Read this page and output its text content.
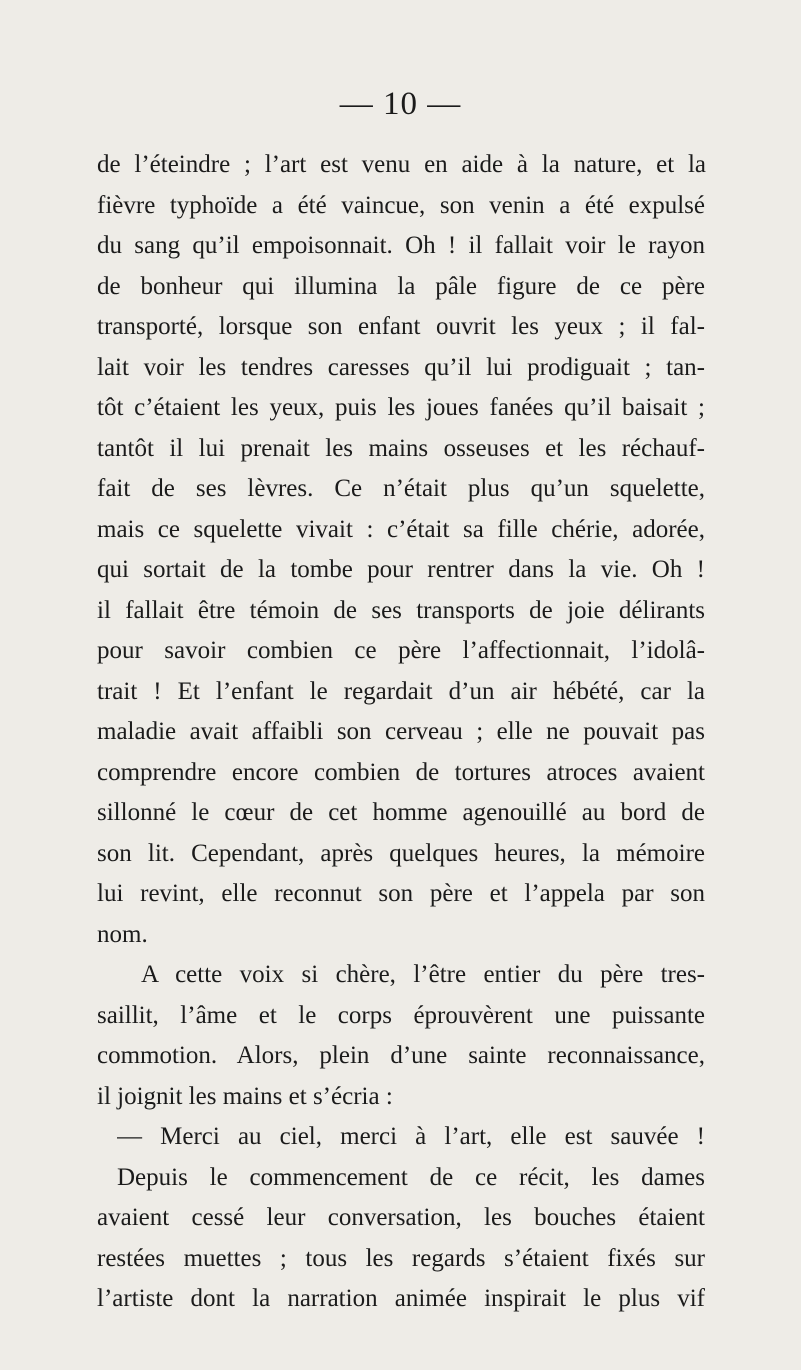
— 10 —
de l’éteindre ; l’art est venu en aide à la nature, et la
fièvre typhoïde a été vaincue, son venin a été expulsé
du sang qu’il empoisonnait. Oh ! il fallait voir le rayon
de bonheur qui illumina la pâle figure de ce père
transporté, lorsque son enfant ouvrit les yeux ; il fal-
lait voir les tendres caresses qu’il lui prodiguait ; tan-
tôt c’étaient les yeux, puis les joues fanées qu’il baisait ;
tantôt il lui prenait les mains osseuses et les réchauf-
fait de ses lèvres. Ce n’était plus qu’un squelette,
mais ce squelette vivait : c’était sa fille chérie, adorée,
qui sortait de la tombe pour rentrer dans la vie. Oh !
il fallait être témoin de ses transports de joie délirants
pour savoir combien ce père l’affectionnait, l’idolâ-
trait ! Et l’enfant le regardait d’un air hébété, car la
maladie avait affaibli son cerveau ; elle ne pouvait pas
comprendre encore combien de tortures atroces avaient
sillonné le cœur de cet homme agenouillé au bord de
son lit. Cependant, après quelques heures, la mémoire
lui revint, elle reconnut son père et l’appela par son
nom.
A cette voix si chère, l’être entier du père tres-
saillit, l’âme et le corps éprouvèrent une puissante
commotion. Alors, plein d’une sainte reconnaissance,
il joignit les mains et s’écria :
— Merci au ciel, merci à l’art, elle est sauvée !
Depuis le commencement de ce récit, les dames
avaient cessé leur conversation, les bouches étaient
restées muettes ; tous les regards s’étaient fixés sur
l’artiste dont la narration animée inspirait le plus vif
